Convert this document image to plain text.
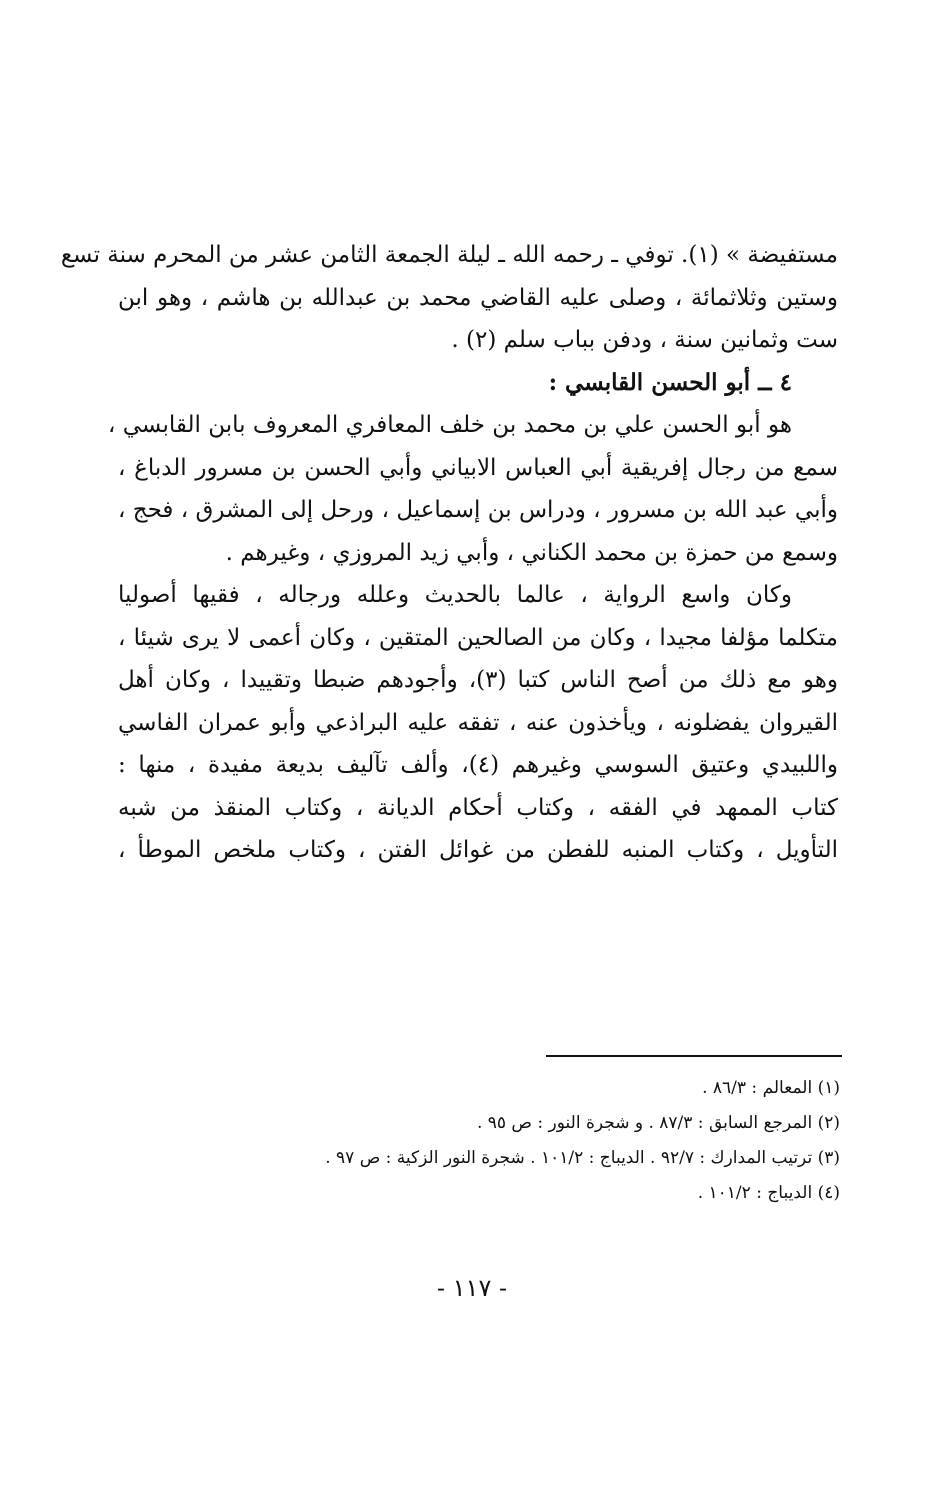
مستفيضة » (١). توفي ـ رحمه الله ـ ليلة الجمعة الثامن عشر من المحرم سنة تسع
وستين وثلاثمائة ، وصلى عليه القاضي محمد بن عبدالله بن هاشم ، وهو ابن
ست وثمانين سنة ، ودفن بباب سلم (٢) .
٤ ــ أبو الحسن القابسي :
هو أبو الحسن علي بن محمد بن خلف المعافري المعروف بابن القابسي ،
سمع من رجال إفريقية أبي العباس الابياني وأبي الحسن بن مسرور الدباغ ،
وأبي عبد الله بن مسرور ، ودراس بن إسماعيل ، ورحل إلى المشرق ، فحج ،
وسمع من حمزة بن محمد الكناني ، وأبي زيد المروزي ، وغيرهم .
وكان واسع الرواية ، عالما بالحديث وعلله ورجاله ، فقيها أصوليا
متكلما مؤلفا مجيدا ، وكان من الصالحين المتقين ، وكان أعمى لا يرى شيئا ،
وهو مع ذلك من أصح الناس كتبا (٣)، وأجودهم ضبطا وتقييدا ، وكان أهل
القيروان يفضلونه ، ويأخذون عنه ، تفقه عليه البراذعي وأبو عمران الفاسي
واللبيدي وعتيق السوسي وغيرهم (٤)، وألف تآليف بديعة مفيدة ، منها :
كتاب الممهد في الفقه ، وكتاب أحكام الديانة ، وكتاب المنقذ من شبه
التأويل ، وكتاب المنبه للفطن من غوائل الفتن ، وكتاب ملخص الموطأ ،
(١) المعالم : ٨٦/٣ .
(٢) المرجع السابق : ٨٧/٣ . و شجرة النور : ص ٩٥ .
(٣) ترتيب المدارك : ٩٢/٧ . الديباج : ١٠١/٢ . شجرة النور الزكية : ص ٩٧ .
(٤) الديباج : ١٠١/٢ .
- ١١٧ -
